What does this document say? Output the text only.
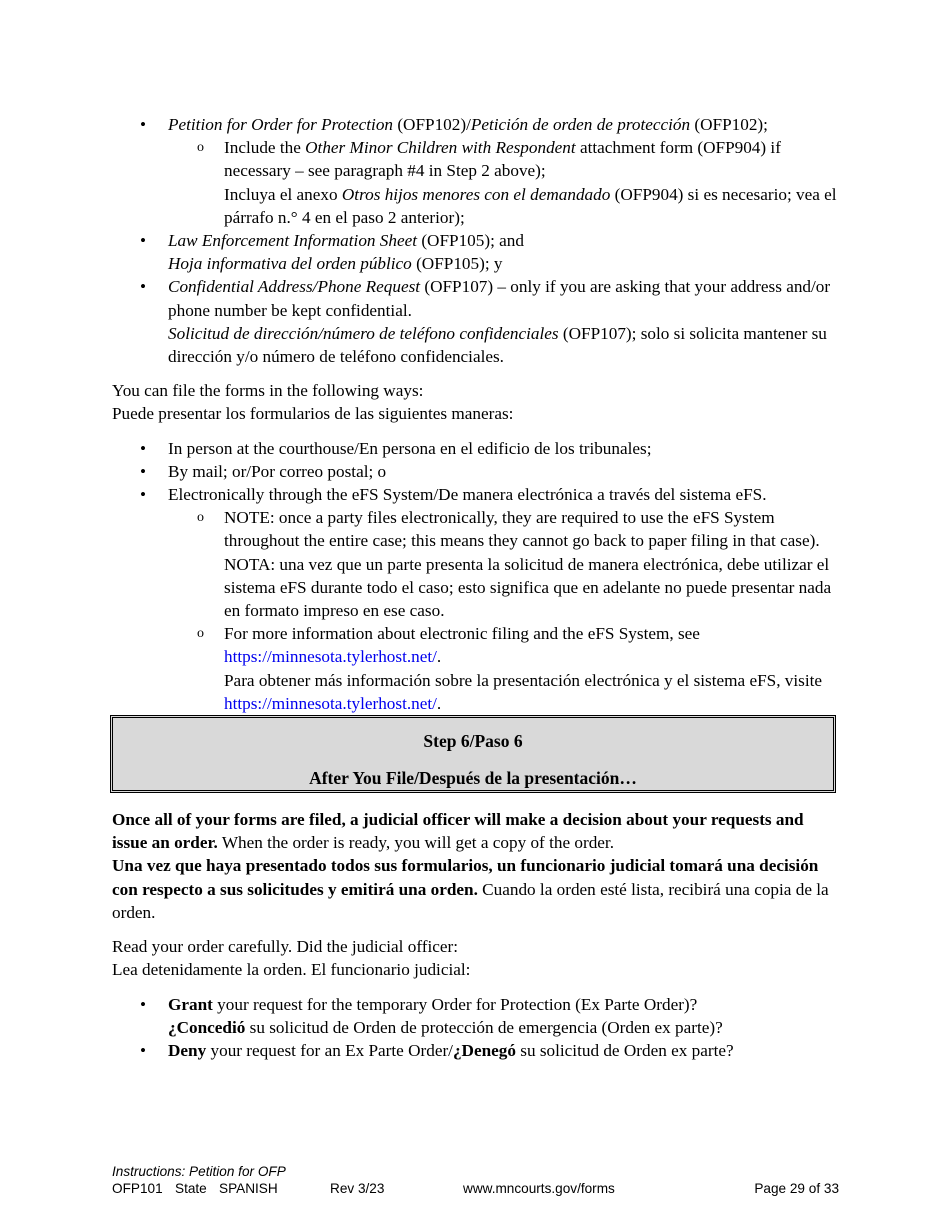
• Petition for Order for Protection (OFP102)/Petición de orden de protección (OFP102);
o Include the Other Minor Children with Respondent attachment form (OFP904) if necessary – see paragraph #4 in Step 2 above);

Incluya el anexo Otros hijos menores con el demandado (OFP904) si es necesario; vea el párrafo n.° 4 en el paso 2 anterior);

• Law Enforcement Information Sheet (OFP105); and

Hoja informativa del orden público (OFP105); y

• Confidential Address/Phone Request (OFP107) – only if you are asking that your address and/or phone number be kept confidential.

Solicitud de dirección/número de teléfono confidenciales (OFP107); solo si solicita mantener su dirección y/o número de teléfono confidenciales.

You can file the forms in the following ways:

Puede presentar los formularios de las siguientes maneras:

• In person at the courthouse/En persona en el edificio de los tribunales;
• By mail; or/Por correo postal; o
• Electronically through the eFS System/De manera electrónica a través del sistema eFS.
o NOTE: once a party files electronically, they are required to use the eFS System throughout the entire case; this means they cannot go back to paper filing in that case).

NOTA: una vez que un parte presenta la solicitud de manera electrónica, debe utilizar el sistema eFS durante todo el caso; esto significa que en adelante no puede presentar nada en formato impreso en ese caso.

o For more information about electronic filing and the eFS System, see
https://minnesota.tylerhost.net/.

Para obtener más información sobre la presentación electrónica y el sistema eFS, visite https://minnesota.tylerhost.net/.

Step 6/Paso 6
After You File/Después de la presentación…

Once all of your forms are filed, a judicial officer will make a decision about your requests and issue an order. When the order is ready, you will get a copy of the order.

Una vez que haya presentado todos sus formularios, un funcionario judicial tomará una decisión con respecto a sus solicitudes y emitirá una orden. Cuando la orden esté lista, recibirá una copia de la orden.

Read your order carefully. Did the judicial officer:

Lea detenidamente la orden. El funcionario judicial:

• Grant your request for the temporary Order for Protection (Ex Parte Order)?

¿Concedió su solicitud de Orden de protección de emergencia (Orden ex parte)?

• Deny your request for an Ex Parte Order/¿Denegó su solicitud de Orden ex parte?

Instructions: Petition for OFP
OFP101 State SPANISH	Rev 3/23	www.mncourts.gov/forms	Page 29 of 33
